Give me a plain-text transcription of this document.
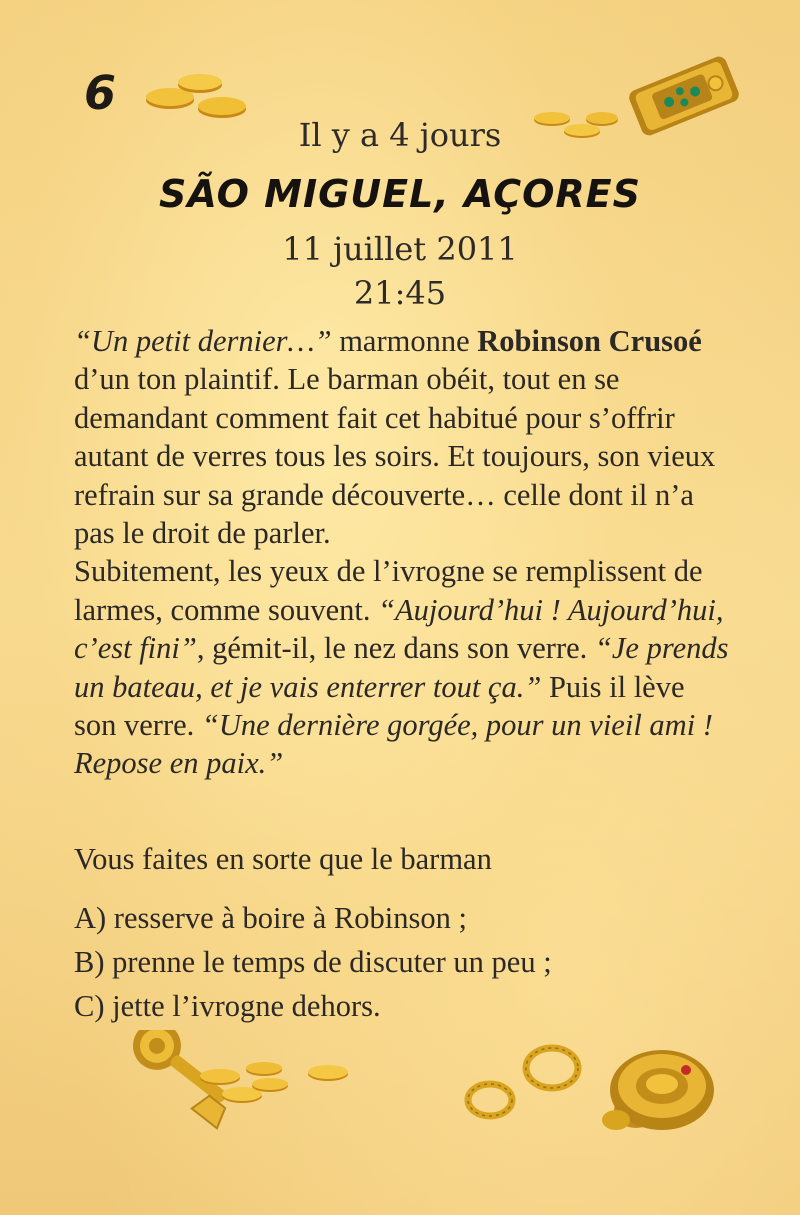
6
Il y a 4 jours
SÃO MIGUEL, AÇORES
11 juillet 2011
21:45
“Un petit dernier…” marmonne Robinson Crusoé d’un ton plaintif. Le barman obéit, tout en se demandant comment fait cet habitué pour s’offrir autant de verres tous les soirs. Et toujours, son vieux refrain sur sa grande découverte… celle dont il n’a pas le droit de parler.
Subitement, les yeux de l’ivrogne se remplissent de larmes, comme souvent. “Aujourd’hui ! Aujourd’hui, c’est fini”, gémit-il, le nez dans son verre. “Je prends un bateau, et je vais enterrer tout ça.” Puis il lève son verre. “Une dernière gorgée, pour un vieil ami ! Repose en paix.”
Vous faites en sorte que le barman
A) resserve à boire à Robinson ;
B) prenne le temps de discuter un peu ;
C) jette l’ivrogne dehors.
